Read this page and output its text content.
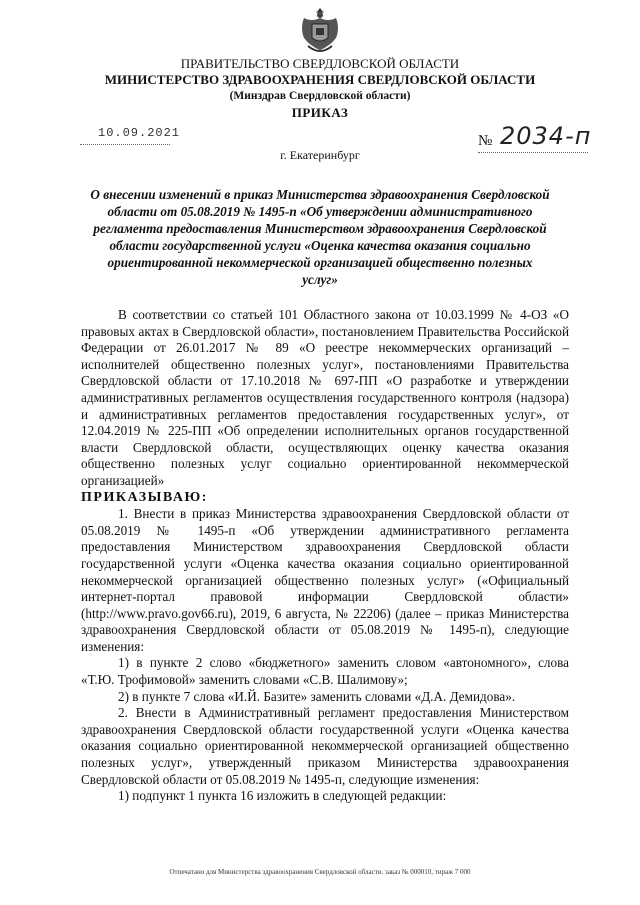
ПРАВИТЕЛЬСТВО СВЕРДЛОВСКОЙ ОБЛАСТИ
МИНИСТЕРСТВО ЗДРАВООХРАНЕНИЯ СВЕРДЛОВСКОЙ ОБЛАСТИ
(Минздрав Свердловской области)
ПРИКАЗ
10.09.2021	№ 2034-п
г. Екатеринбург
О внесении изменений в приказ Министерства здравоохранения Свердловской области от 05.08.2019 № 1495-п «Об утверждении административного регламента предоставления Министерством здравоохранения Свердловской области государственной услуги «Оценка качества оказания социально ориентированной некоммерческой организацией общественно полезных услуг»

В соответствии со статьей 101 Областного закона от 10.03.1999 № 4-ОЗ «О правовых актах в Свердловской области», постановлением Правительства Российской Федерации от 26.01.2017 № 89 «О реестре некоммерческих организаций – исполнителей общественно полезных услуг», постановлениями Правительства Свердловской области от 17.10.2018 № 697-ПП «О разработке и утверждении административных регламентов осуществления государственного контроля (надзора) и административных регламентов предоставления государственных услуг», от 12.04.2019 № 225-ПП «Об определении исполнительных органов государственной власти Свердловской области, осуществляющих оценку качества оказания общественно полезных услуг социально ориентированной некоммерческой организацией»

ПРИКАЗЫВАЮ:

1. Внести в приказ Министерства здравоохранения Свердловской области от 05.08.2019 № 1495-п «Об утверждении административного регламента предоставления Министерством здравоохранения Свердловской области государственной услуги «Оценка качества оказания социально ориентированной некоммерческой организацией общественно полезных услуг» («Официальный интернет-портал правовой информации Свердловской области» (http://www.pravo.gov66.ru), 2019, 6 августа, № 22206) (далее – приказ Министерства здравоохранения Свердловской области от 05.08.2019 № 1495-п), следующие изменения:

1) в пункте 2 слово «бюджетного» заменить словом «автономного», слова «Т.Ю. Трофимовой» заменить словами «С.В. Шалимову»;

2) в пункте 7 слова «И.Й. Базите» заменить словами «Д.А. Демидова».

2. Внести в Административный регламент предоставления Министерством здравоохранения Свердловской области государственной услуги «Оценка качества оказания социально ориентированной некоммерческой организацией общественно полезных услуг», утвержденный приказом Министерства здравоохранения Свердловской области от 05.08.2019 № 1495-п, следующие изменения:

1) подпункт 1 пункта 16 изложить в следующей редакции:

Отпечатано для Министерства здравоохранения Свердловской области. заказ № 000010, тираж 7 000
